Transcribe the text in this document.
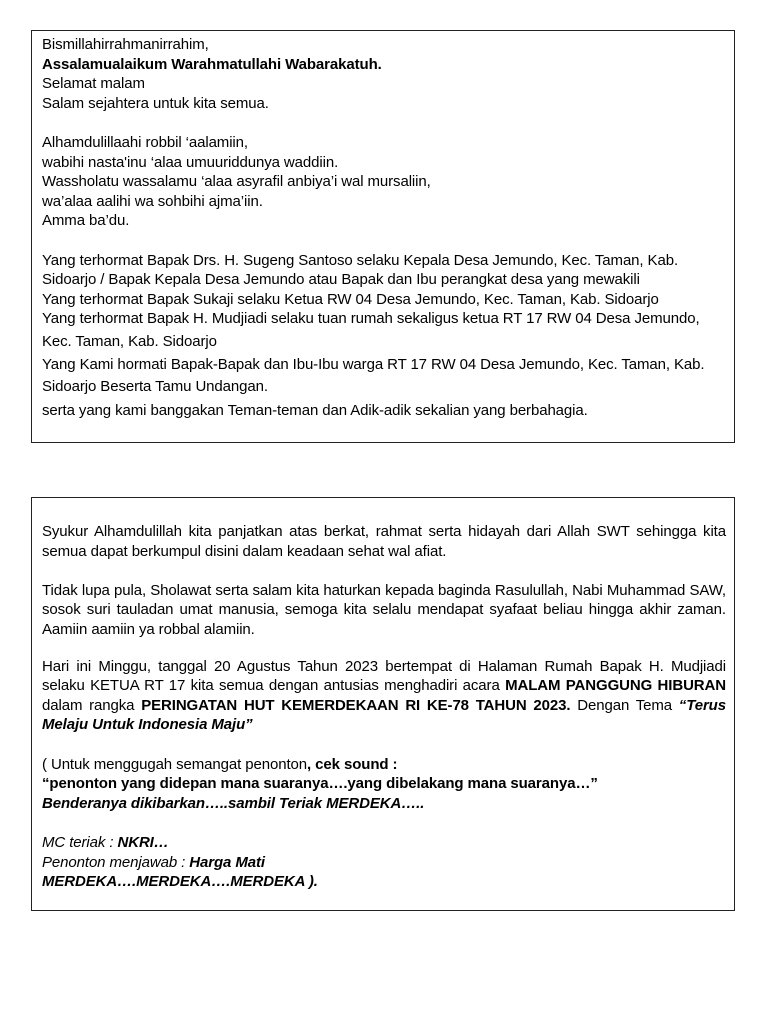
Bismillahirrahmanirrahim,
Assalamualaikum Warahmatullahi Wabarakatuh.
Selamat malam
Salam sejahtera untuk kita semua.
Alhamdulillaahi robbil ‘aalamiin,
wabihi nasta'inu ‘alaa umuuriddunya waddiin.
Wassholatu wassalamu ‘alaa asyrafil anbiya’i wal mursaliin,
wa’alaa aalihi wa sohbihi ajma’iin.
Amma ba’du.
Yang terhormat Bapak Drs. H. Sugeng Santoso selaku Kepala Desa Jemundo, Kec. Taman, Kab.
Sidoarjo / Bapak Kepala Desa Jemundo atau Bapak dan Ibu perangkat desa yang mewakili
Yang terhormat Bapak Sukaji selaku Ketua RW 04 Desa Jemundo, Kec. Taman, Kab. Sidoarjo
Yang terhormat Bapak H. Mudjiadi selaku tuan rumah sekaligus ketua RT 17 RW 04 Desa Jemundo,
Kec. Taman, Kab. Sidoarjo
Yang Kami hormati Bapak-Bapak dan Ibu-Ibu warga RT 17 RW 04 Desa Jemundo, Kec. Taman, Kab.
Sidoarjo Beserta Tamu Undangan.
serta yang kami banggakan Teman-teman dan Adik-adik sekalian yang berbahagia.
Syukur Alhamdulillah kita panjatkan atas berkat, rahmat serta hidayah dari Allah SWT sehingga kita
semua dapat berkumpul disini dalam keadaan sehat wal afiat.
Tidak lupa pula, Sholawat serta salam kita haturkan kepada baginda Rasulullah, Nabi Muhammad SAW,
sosok suri tauladan umat manusia, semoga kita selalu mendapat syafaat beliau hingga akhir zaman.
Aamiin aamiin ya robbal alamiin.
Hari ini Minggu, tanggal 20 Agustus Tahun 2023 bertempat di Halaman Rumah Bapak H. Mudjiadi
selaku KETUA RT 17 kita semua dengan antusias menghadiri acara MALAM PANGGUNG HIBURAN
dalam rangka PERINGATAN HUT KEMERDEKAAN RI KE-78 TAHUN 2023. Dengan Tema “Terus
Melaju Untuk Indonesia Maju”
( Untuk menggugah semangat penonton, cek sound :
“penonton yang didepan mana suaranya….yang dibelakang mana suaranya…”
Benderanya dikibarkan…..sambil Teriak MERDEKA…..
MC teriak : NKRI…
Penonton menjawab : Harga Mati
MERDEKA….MERDEKA….MERDEKA ).
